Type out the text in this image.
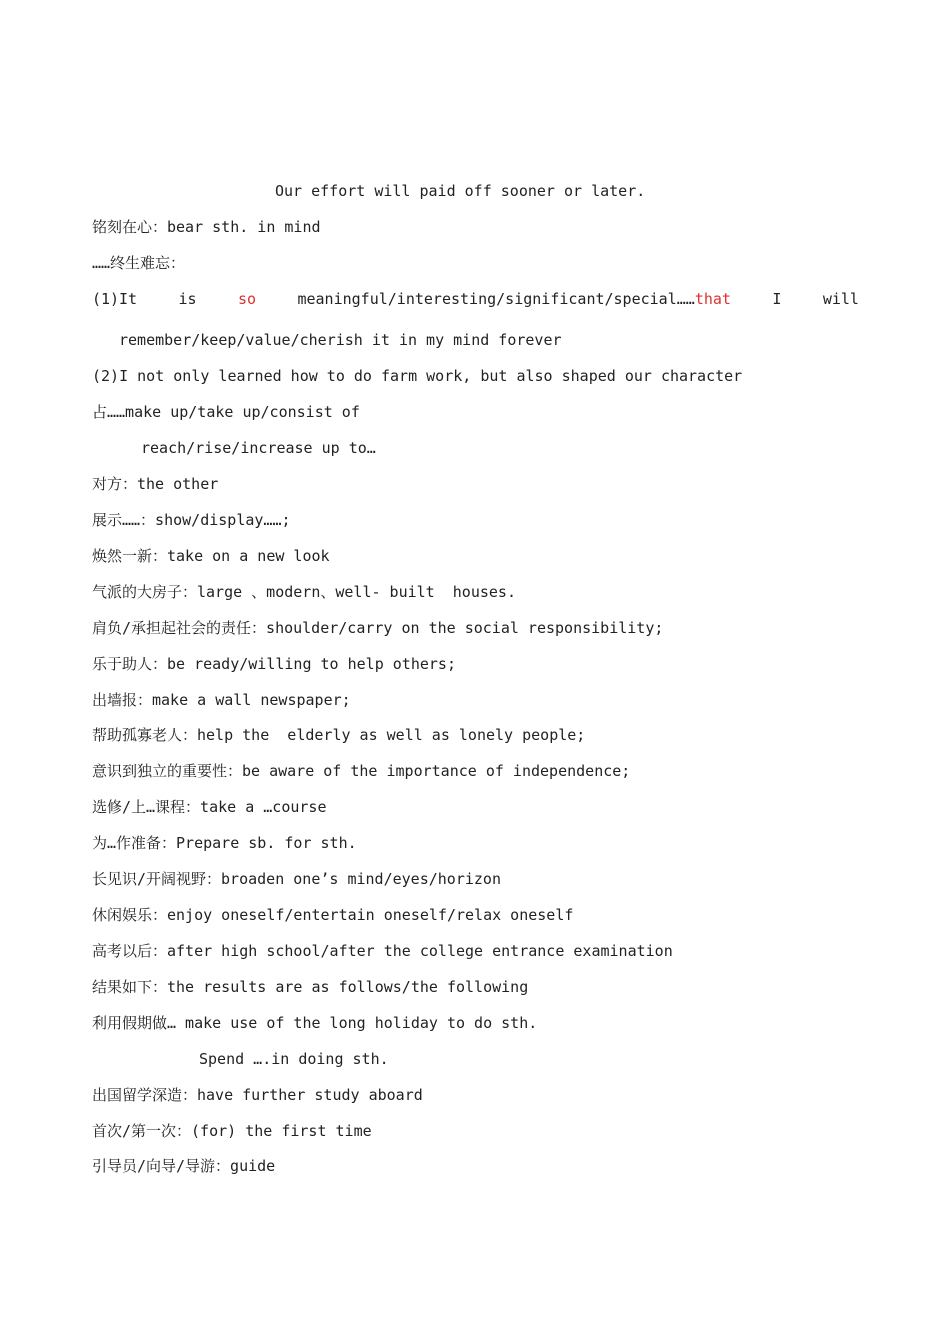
Our effort will paid off sooner or later.
铭刻在心：bear sth. in mind
……终生难忘：
(1) It	is	so	meaningful/interesting/significant/special……that	I	will
remember/keep/value/cherish it in my mind forever
(2)I not only learned how to do farm work, but also shaped our character
占……make up/take up/consist of
reach/rise/increase up to…
对方：the other
展示……：show/display……;
焕然一新：take on a new look
气派的大房子：large 、modern、well- built  houses.
肩负/承担起社会的责任：shoulder/carry on the social responsibility;
乐于助人：be ready/willing to help others;
出墙报：make a wall newspaper;
帮助孤寡老人：help the  elderly as well as lonely people;
意识到独立的重要性：be aware of the importance of independence;
选修/上…课程：take a …course
为…作准备：Prepare sb. for sth.
长见识/开阔视野：broaden one’s mind/eyes/horizon
休闲娱乐：enjoy oneself/entertain oneself/relax oneself
高考以后：after high school/after the college entrance examination
结果如下：the results are as follows/the following
利用假期做… make use of the long holiday to do sth.
Spend ….in doing sth.
出国留学深造：have further study aboard
首次/第一次：(for) the first time
引导员/向导/导游：guide
